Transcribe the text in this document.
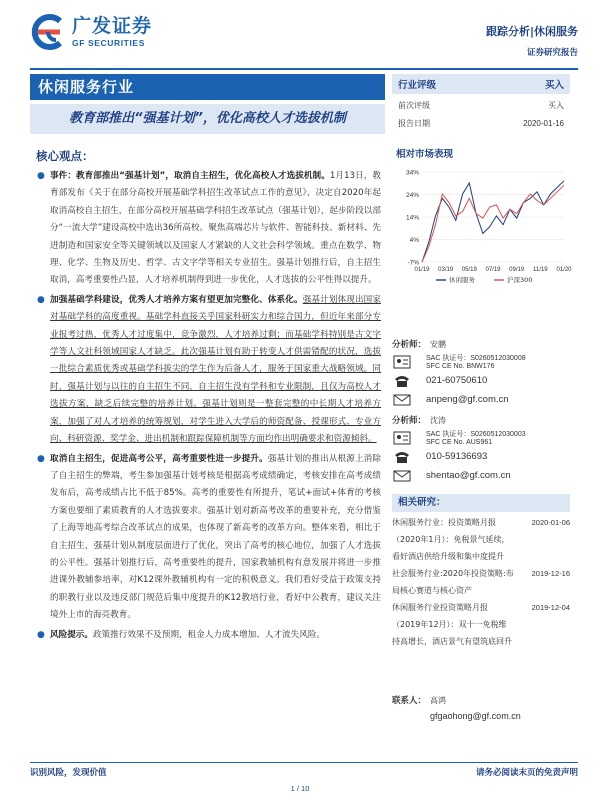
广发证券
GF SECURITIES
跟踪分析|休闲服务
证券研究报告
休闲服务行业
教育部推出“强基计划”，优化高校人才选拔机制
核心观点：
● 事件：教育部推出“强基计划”，取消自主招生，优化高校人才选拔机制。1月13日，教育部发布《关于在部分高校开展基础学科招生改革试点工作的意见》，决定自2020年起取消高校自主招生，在部分高校开展基础学科招生改革试点（强基计划），起步阶段以部分“一流大学”建设高校中选出36所高校。聚焦高端芯片与软件、智能科技、新材料、先进制造和国家安全等关键领域以及国家人才紧缺的人文社会科学领域。重点在数学、物理、化学、生物及历史、哲学、古文字学等相关专业招生。强基计划推行后，自主招生取消，高考重要性凸显，人才培养机制得到进一步优化，人才选拔的公平性得以提升。
● 加强基础学科建设，优秀人才培养方案有望更加完整化、体系化。强基计划体现出国家对基础学科的高度重视。基础学科直接关乎国家科研实力和综合国力，但近年来部分专业报考过热，优秀人才过度集中，竞争激烈，人才培养过剩；而基础学科特别是古文字学等人文社科领域国家人才缺乏。此次强基计划有助于转变人才供需错配的状况，选拔一批综合素质优秀或基础学科拔尖的学生作为后备人才，服务于国家重大战略领域。同时，强基计划与以往的自主招生不同，自主招生没有学科和专业限制，且仅为高校人才选拔方案，缺乏后续完整的培养计划。强基计划则是一整套完整的中长期人才培养方案，加强了对人才培养的统筹规划，对学生进入大学后的师资配备、授课形式、专业方向、科研资源、奖学金、进出机制和跟踪保障机制等方面均作出明确要求和资源倾斜。
● 取消自主招生，促进高考公平，高考重要性进一步提升。强基计划的推出从根源上消除了自主招生的弊端，考生参加强基计划考核是根据高考成绩确定，考核安排在高考成绩发布后，高考成绩占比不低于85%。高考的重要性有所提升，笔试+面试+体育的考核方案也要细了素质教育的人才选拔要求。强基计划对新高考改革的重要补充，充分借鉴了上海等地高考综合改革试点的成果，也体现了新高考的改革方向。整体来看，相比于自主招生，强基计划从制度层面进行了优化，突出了高考的核心地位，加强了人才选拔的公平性。强基计划推行后，高考重要性的提升，国家教辅机构有意发展并将进一步推进课外教辅参培率，对K12课外教辅机构有一定的积极意义。我们看好受益于政策支持的职教行业以及违反部门规范后集中度提升的K12教培行业，看好中公教育，建议关注境外上市的海亮教育。
● 风险提示。政策推行效果不及预期，租金人力成本增加、人才流失风险。
行业评级	买入
前次评级	买入
报告日期	2020-01-16
相对市场表现
34%
24%
14%
4%
-7%
01/19 03/19 05/19 07/19 09/19 11/19 01/20
休闲服务	沪深300
分析师： 安鹏
SAC 执证号：S0260512030008
SFC CE No. BNW176
021-60750610
anpeng@gf.com.cn
分析师： 沈涛
SAC 执证号：S0260512030003
SFC CE No. AUS961
010-59136693
shentao@gf.com.cn
相关研究：
休闲服务行业：投资策略月报（2020年1月）：免税景气延续，看好酒店供给升级和集中度提升
2020-01-06
社会服务行业:2020年投资策略:布局核心赛道与核心资产
2019-12-16
休闲服务行业投资策略月报（2019年12月）：双十一免税维持高增长，酒店景气有望筑底回升
2019-12-04
联系人： 高鸿
gfgaohong@gf.com.cn
识别风险，发现价值	请务必阅读末页的免责声明
1 / 10
